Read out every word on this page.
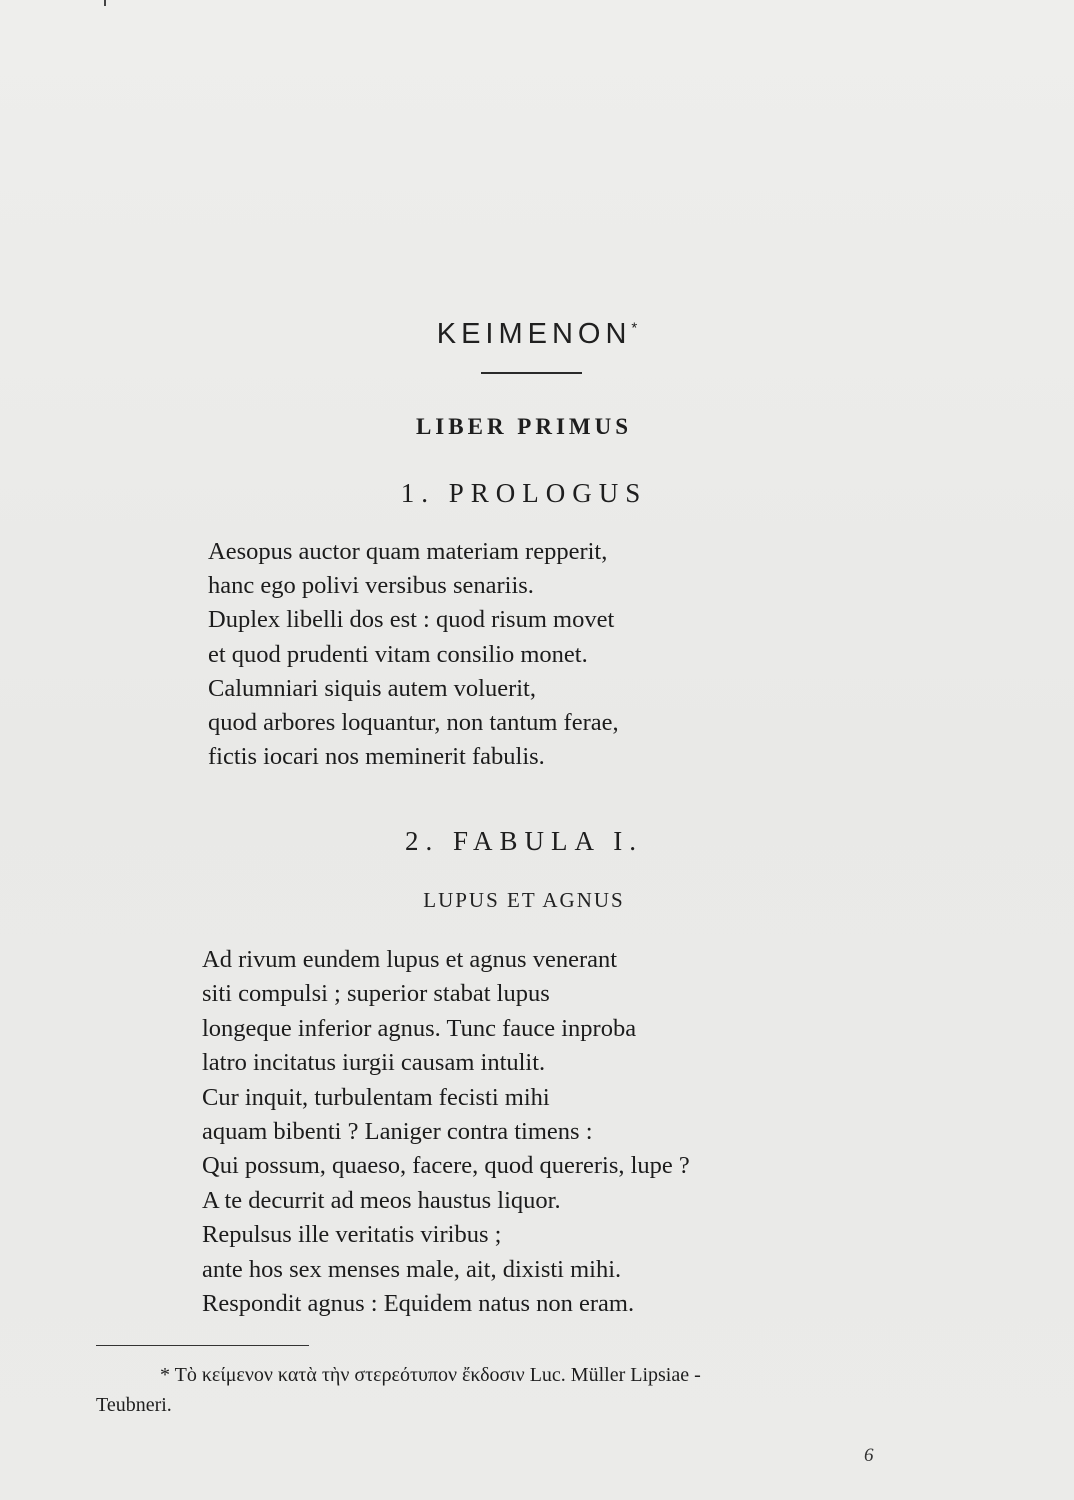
KEIMENON*
LIBER PRIMUS
1. PROLOGUS
Aesopus auctor quam materiam repperit,
hanc ego polivi versibus senariis.
Duplex libelli dos est : quod risum movet
et quod prudenti vitam consilio monet.
Calumniari siquis autem voluerit,
quod arbores loquantur, non tantum ferae,
fictis iocari nos meminerit fabulis.
2. FABULA I.
LUPUS ET AGNUS
Ad rivum eundem lupus et agnus venerant
siti compulsi ; superior stabat lupus
longeque inferior agnus. Tunc fauce inproba
latro incitatus iurgii causam intulit.
Cur inquit, turbulentam fecisti mihi
aquam bibenti ? Laniger contra timens :
Qui possum, quaeso, facere, quod quereris, lupe ?
A te decurrit ad meos haustus liquor.
Repulsus ille veritatis viribus ;
ante hos sex menses male, ait, dixisti mihi.
Respondit agnus : Equidem natus non eram.
* Τὸ κείμενον κατὰ τὴν στερεότυπον ἔκδοσιν Luc. Müller Lipsiae -
Teubneri.
6
